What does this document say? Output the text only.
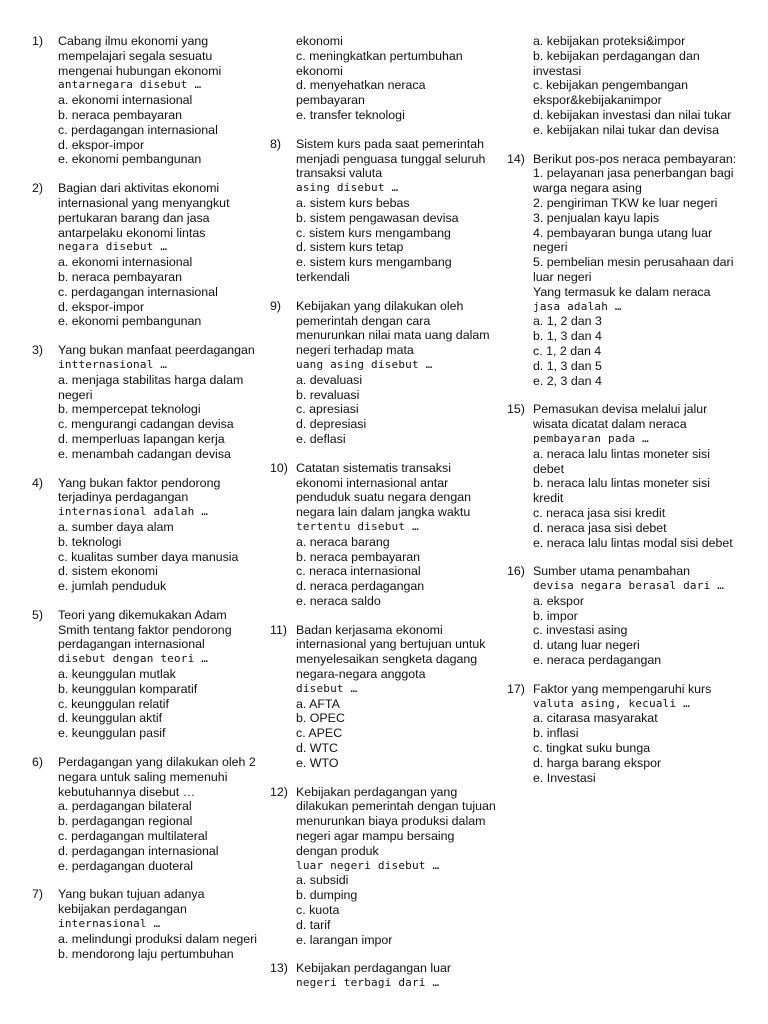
1)	Cabang ilmu ekonomi yang mempelajari segala sesuatu mengenai hubungan ekonomi
antarnegara disebut …
a. ekonomi internasional
b. neraca pembayaran
c. perdagangan internasional
d. ekspor-impor
e. ekonomi pembangunan
2)	Bagian dari aktivitas ekonomi internasional yang menyangkut pertukaran barang dan jasa antarpelaku ekonomi lintas
negara disebut …
a. ekonomi internasional
b. neraca pembayaran
c. perdagangan internasional
d. ekspor-impor
e. ekonomi pembangunan
3)	Yang bukan manfaat peerdagangan
intternasional …
a. menjaga stabilitas harga dalam negeri
b. mempercepat teknologi
c. mengurangi cadangan devisa
d. memperluas lapangan kerja
e. menambah cadangan devisa
4)	Yang bukan faktor pendorong terjadinya perdagangan
internasional adalah …
a. sumber daya alam
b. teknologi
c. kualitas sumber daya manusia
d. sistem ekonomi
e. jumlah penduduk
5)	Teori yang dikemukakan Adam Smith tentang faktor pendorong perdagangan internasional
disebut dengan teori …
a. keunggulan mutlak
b. keunggulan komparatif
c. keunggulan relatif
d. keunggulan aktif
e. keunggulan pasif
6)	Perdagangan yang dilakukan oleh 2 negara untuk saling memenuhi kebutuhannya disebut …
a. perdagangan bilateral
b. perdagangan regional
c. perdagangan multilateral
d. perdagangan internasional
e. perdagangan duoteral
7)	Yang bukan tujuan adanya kebijakan perdagangan
internasional …
a. melindungi produksi dalam negeri
b. mendorong laju pertumbuhan
ekonomi
c. meningkatkan pertumbuhan ekonomi
d. menyehatkan neraca pembayaran
e. transfer teknologi
8)	Sistem kurs pada saat pemerintah menjadi penguasa tunggal seluruh transaksi valuta
asing disebut …
a. sistem kurs bebas
b. sistem pengawasan devisa
c. sistem kurs mengambang
d. sistem kurs tetap
e. sistem kurs mengambang terkendali
9)	Kebijakan yang dilakukan oleh pemerintah dengan cara menurunkan nilai mata uang dalam negeri terhadap mata
uang asing disebut …
a. devaluasi
b. revaluasi
c. apresiasi
d. depresiasi
e. deflasi
10) Catatan sistematis transaksi ekonomi internasional antar penduduk suatu negara dengan negara lain dalam jangka waktu
tertentu disebut …
a. neraca barang
b. neraca pembayaran
c. neraca internasional
d. neraca perdagangan
e. neraca saldo
11) Badan kerjasama ekonomi internasional yang bertujuan untuk menyelesaikan sengketa dagang negara-negara anggota
disebut …
a. AFTA
b. OPEC
c. APEC
d. WTC
e. WTO
12) Kebijakan perdagangan yang dilakukan pemerintah dengan tujuan menurunkan biaya produksi dalam negeri agar mampu bersaing dengan produk
luar negeri disebut …
a. subsidi
b. dumping
c. kuota
d. tarif
e. larangan impor
13) Kebijakan perdagangan luar
negeri terbagi dari …
a. kebijakan proteksi&impor
b. kebijakan perdagangan dan investasi
c. kebijakan pengembangan ekspor&kebijakanimpor
d. kebijakan investasi dan nilai tukar
e. kebijakan nilai tukar dan devisa
14) Berikut pos-pos neraca pembayaran:
1. pelayanan jasa penerbangan bagi warga negara asing
2. pengiriman TKW ke luar negeri
3. penjualan kayu lapis
4. pembayaran bunga utang luar negeri
5. pembelian mesin perusahaan dari luar negeri
Yang termasuk ke dalam neraca
jasa adalah …
a. 1, 2 dan 3
b. 1, 3 dan 4
c. 1, 2 dan 4
d. 1, 3 dan 5
e. 2, 3 dan 4
15) Pemasukan devisa melalui jalur wisata dicatat dalam neraca
pembayaran pada …
a. neraca lalu lintas moneter sisi debet
b. neraca lalu lintas moneter sisi kredit
c. neraca jasa sisi kredit
d. neraca jasa sisi debet
e. neraca lalu lintas modal sisi debet
16) Sumber utama penambahan
devisa negara berasal dari …
a. ekspor
b. impor
c. investasi asing
d. utang luar negeri
e. neraca perdagangan
17) Faktor yang mempengaruhi kurs
valuta asing, kecuali …
a. citarasa masyarakat
b. inflasi
c. tingkat suku bunga
d. harga barang ekspor
e. Investasi
